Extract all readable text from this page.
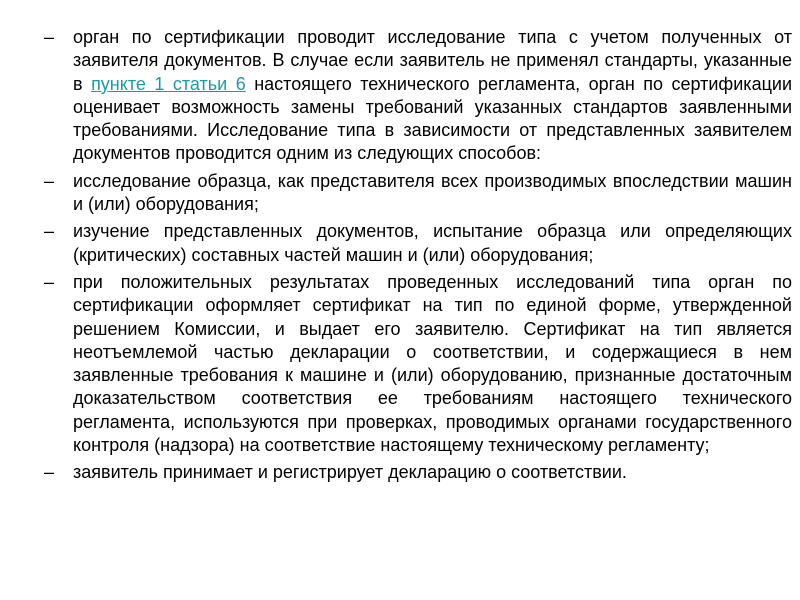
–	орган по сертификации проводит исследование типа с учетом полученных от заявителя документов. В случае если заявитель не применял стандарты, указанные в пункте 1 статьи 6 настоящего технического регламента, орган по сертификации оценивает возможность замены требований указанных стандартов заявленными требованиями. Исследование типа в зависимости от представленных заявителем документов проводится одним из следующих способов:
–	исследование образца, как представителя всех производимых впоследствии машин и (или) оборудования;
–	изучение представленных документов, испытание образца или определяющих (критических) составных частей машин и (или) оборудования;
–	при положительных результатах проведенных исследований типа орган по сертификации оформляет сертификат на тип по единой форме, утвержденной решением Комиссии, и выдает его заявителю. Сертификат на тип является неотъемлемой частью декларации о соответствии, и содержащиеся в нем заявленные требования к машине и (или) оборудованию, признанные достаточным доказательством соответствия ее требованиям настоящего технического регламента, используются при проверках, проводимых органами государственного контроля (надзора) на соответствие настоящему техническому регламенту;
–	заявитель принимает и регистрирует декларацию о соответствии.
